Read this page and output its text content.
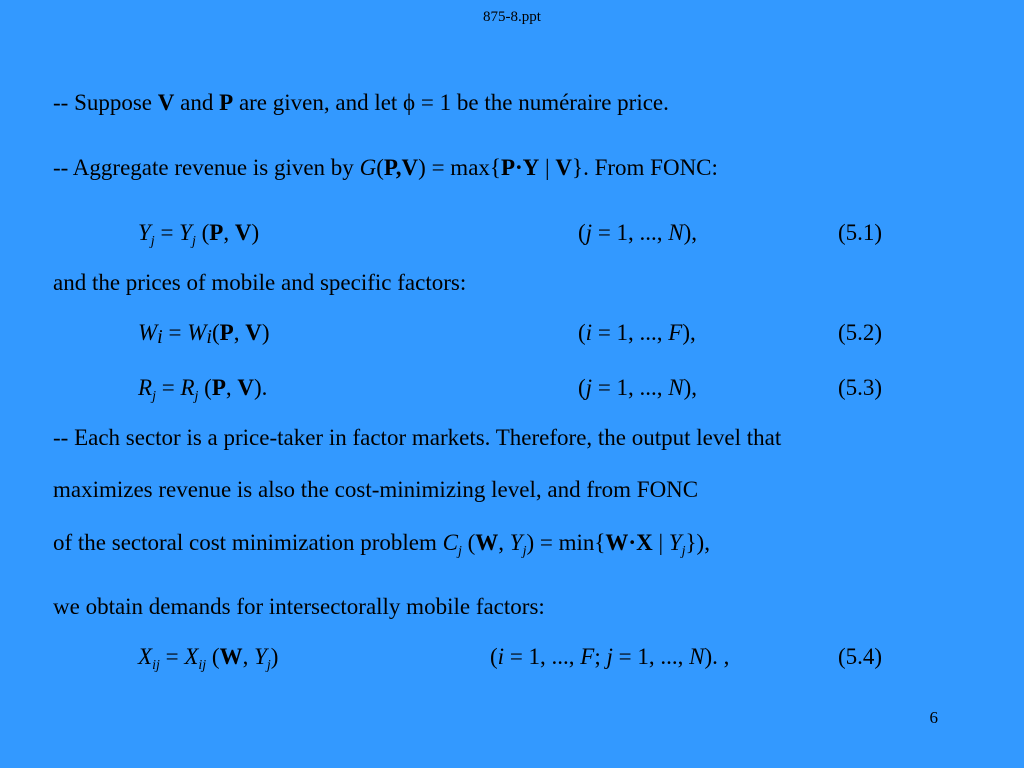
875-8.ppt
-- Suppose V and P are given, and let ϕ = 1 be the numéraire price.
-- Aggregate revenue is given by G(P,V) = max{P·Y | V}. From FONC:
$Y_j = Y_j$ (P, V)	(j = 1, ..., N),	(5.1)
and the prices of mobile and specific factors:
$W_i = W_i(P$, V)	(i = 1, ..., F),	(5.2)
$R_j = R_j$ (P, V).	(j = 1, ..., N),	(5.3)
-- Each sector is a price-taker in factor markets. Therefore, the output level that
maximizes revenue is also the cost-minimizing level, and from FONC
of the sectoral cost minimization problem $C_j$ (W, $Y_j) = \min\{W\cdot X$ | $Y_j$}),
we obtain demands for intersectorally mobile factors:
$X_{ij} = X_{ij}$ (W, $Y_j$)	(i = 1, ..., F; j = 1, ..., N). ,	(5.4)
6
